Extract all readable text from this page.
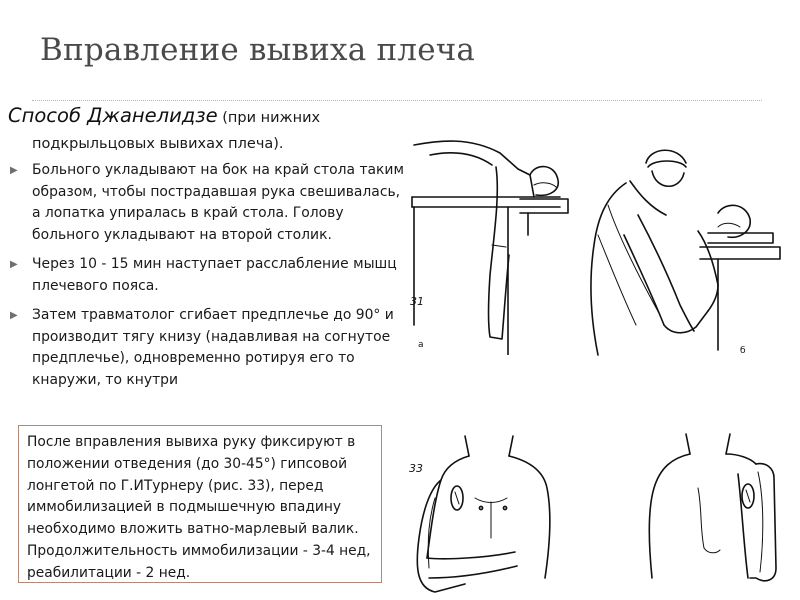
Вправление вывиха плеча
Способ Джанелидзе (при нижних
подкрыльцовых вывихах плеча).
▶ Больного укладывают на бок на край стола таким образом, чтобы пострадавшая рука свешивалась, а лопатка упиралась в край стола. Голову больного укладывают на второй столик.
▶ Через 10 - 15 мин наступает расслабление мышц плечевого пояса.
▶ Затем травматолог сгибает предплечье до 90° и производит тягу книзу (надавливая на согнутое предплечье), одновременно ротируя его то кнаружи, то кнутри
После вправления вывиха руку фиксируют в положении отведения (до 30-45°) гипсовой лонгетой по Г.ИТурнеру (рис. 33), перед иммобилизацией в подмышечную впадину необходимо вложить ватно-марлевый валик. Продолжительность иммобилизации - 3-4 нед, реабилитации - 2 нед.
31
а
б
33
